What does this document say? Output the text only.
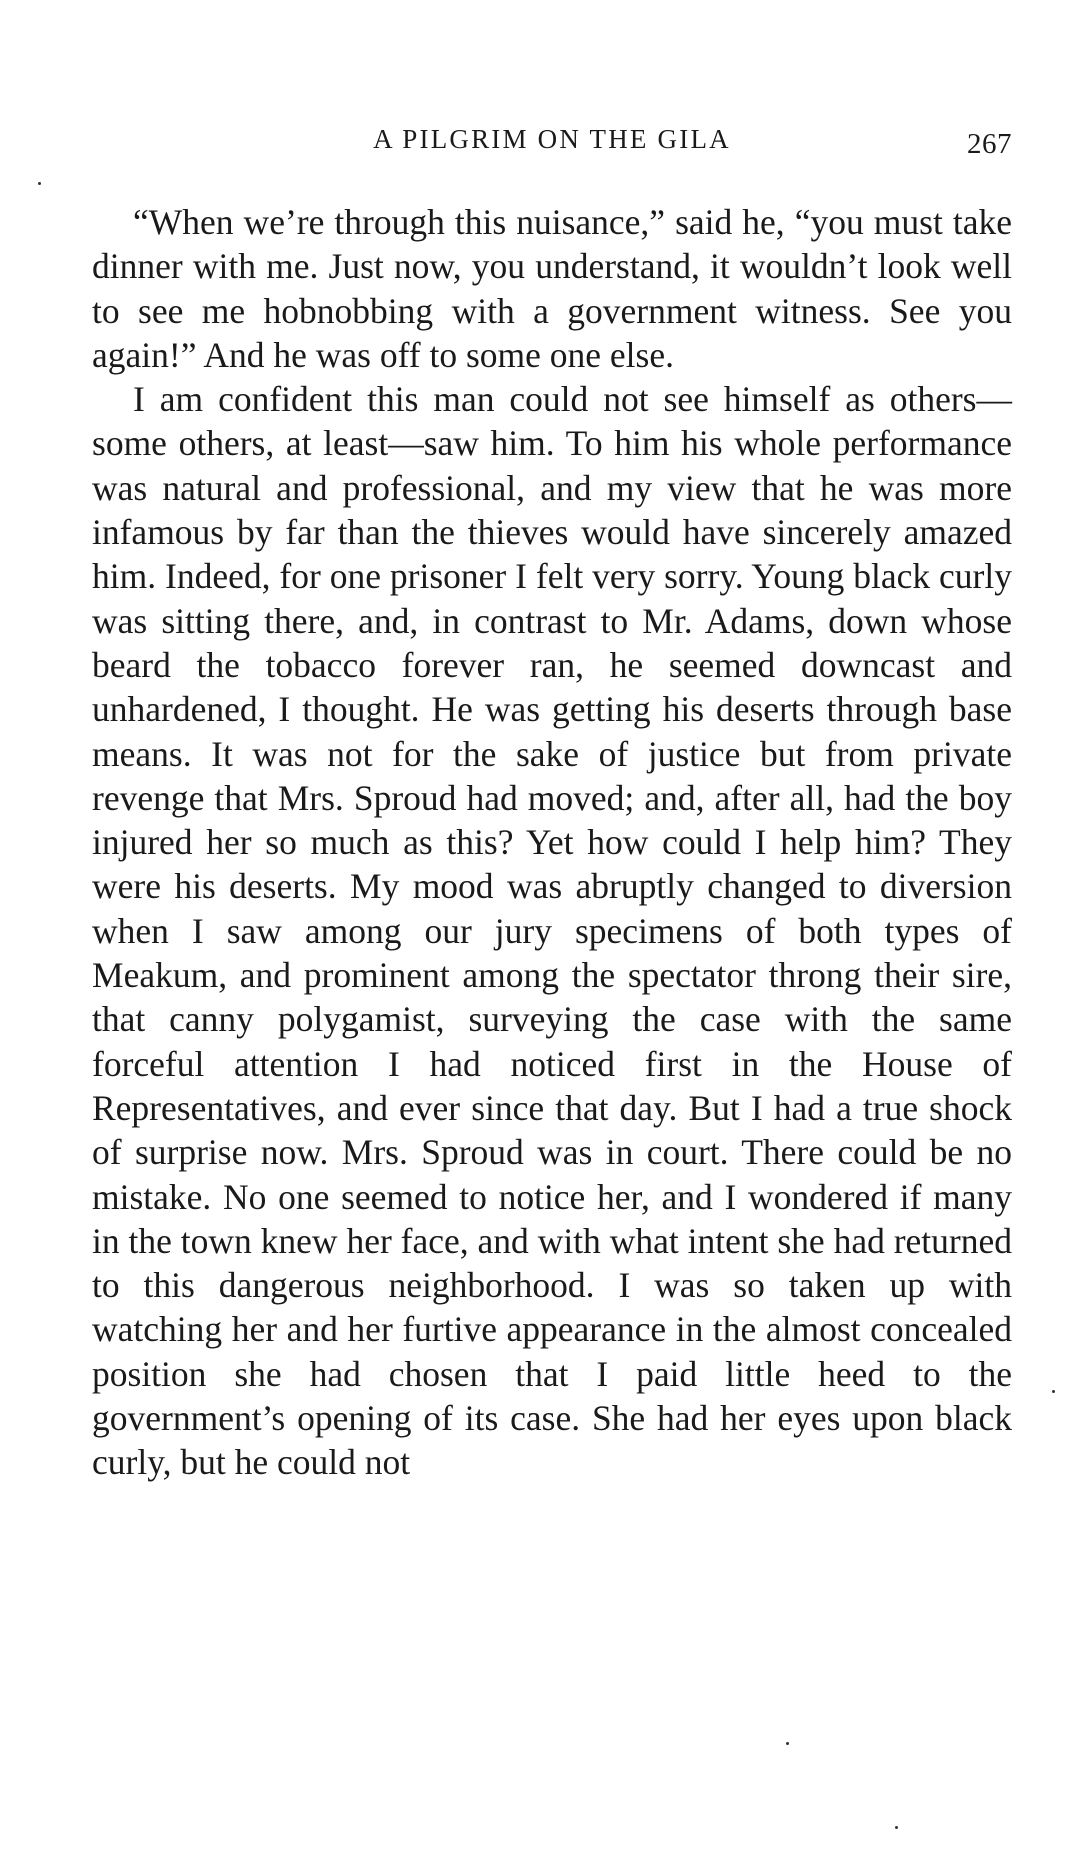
A PILGRIM ON THE GILA	267

“When we’re through this nuisance,” said he, “you must take dinner with me. Just now, you understand, it wouldn’t look well to see me hobnobbing with a government witness. See you again!” And he was off to some one else.

I am confident this man could not see himself as others—some others, at least—saw him. To him his whole performance was natural and professional, and my view that he was more infamous by far than the thieves would have sincerely amazed him. Indeed, for one prisoner I felt very sorry. Young black curly was sitting there, and, in contrast to Mr. Adams, down whose beard the tobacco forever ran, he seemed downcast and unhardened, I thought. He was getting his deserts through base means. It was not for the sake of justice but from private revenge that Mrs. Sproud had moved; and, after all, had the boy injured her so much as this? Yet how could I help him? They were his deserts. My mood was abruptly changed to diversion when I saw among our jury specimens of both types of Meakum, and prominent among the spectator throng their sire, that canny polygamist, surveying the case with the same forceful attention I had noticed first in the House of Representatives, and ever since that day. But I had a true shock of surprise now. Mrs. Sproud was in court. There could be no mistake. No one seemed to notice her, and I wondered if many in the town knew her face, and with what intent she had returned to this dangerous neighborhood. I was so taken up with watching her and her furtive appearance in the almost concealed position she had chosen that I paid little heed to the government’s opening of its case. She had her eyes upon black curly, but he could not
